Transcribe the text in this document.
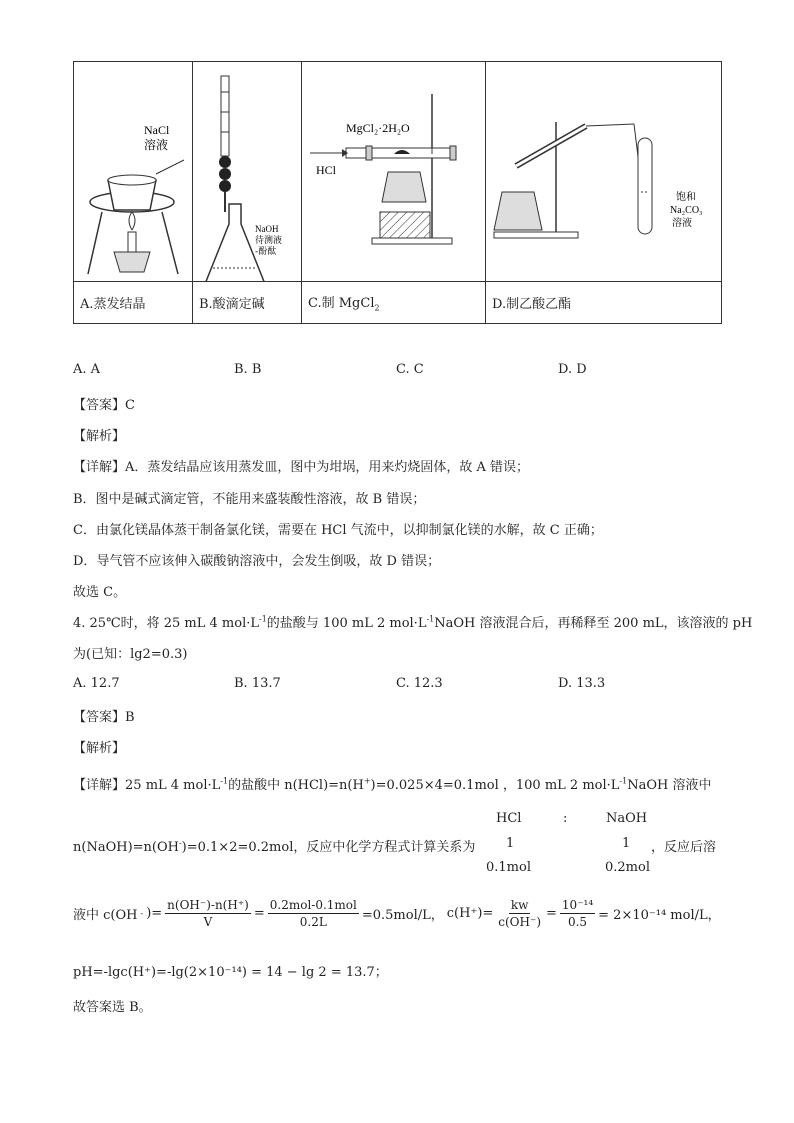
NaCl
溶液	NaOH
待测液
-酚酞	HCl
MgCl₂·2H₂O	饱和
Na₂CO₃
溶液

A.蒸发结晶	B.酸滴定碱	C.制 MgCl$_2$	D.制乙酸乙酯
A. A	B. B	C. C	D. D
【答案】C
【解析】
【详解】A．蒸发结晶应该用蒸发皿，图中为坩埚，用来灼烧固体，故 A 错误；
B．图中是碱式滴定管，不能用来盛装酸性溶液，故 B 错误；
C．由氯化镁晶体蒸干制备氯化镁，需要在 HCl 气流中，以抑制氯化镁的水解，故 C 正确；
D．导气管不应该伸入碳酸钠溶液中，会发生倒吸，故 D 错误；
故选 C。
4. 25℃时，将 25 mL 4 $mol\cdot L^{-1}$的盐酸与 100 mL 2 $mol\cdot L^{-1}NaOH$ 溶液混合后，再稀释至 200 mL，该溶液的 pH
为(已知：lg2=0.3)
A. 12.7	B. 13.7	C. 12.3	D. 13.3
【答案】B
【解析】
【详解】25 mL 4 $mol\cdot L^{-1}$的盐酸中 n(HCl)=n(H+)=0.025×4=0.1mol ，100 mL 2 $mol\cdot L^{-1}NaOH$ 溶液中
HCl	:	NaOH
n(NaOH)=n(OH-)=0.1×2=0.2mol，反应中化学方程式计算关系为 1	1 ，反应后溶
0.1mol	0.2mol
液中 c(OH - )= $\frac{n(OH^-)-n(H^+)}{V} = \frac{\text{0.2mol-0.1mol}}{0.2L} =0.5mol/L$， $c(H^+)= \frac{kw}{c(OH^-)} = \frac{\text{10⁻¹⁴}}{0.5} = 2\times 10^{-14}$ mol/L，
pH=-lgc(H⁺)=-lg(2×10⁻¹⁴) = 14 − lg 2 = 13.7；
故答案选 B。
